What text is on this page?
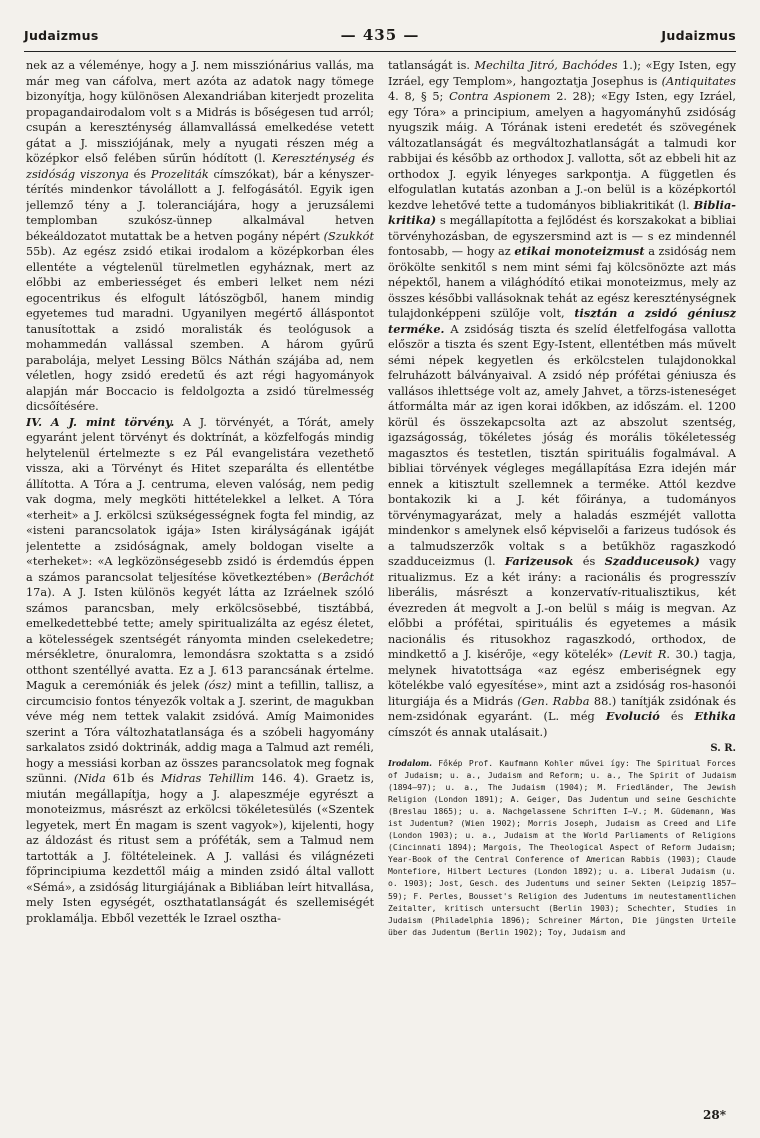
Judaizmus	— 435 —	Judaizmus

nek az a véleménye, hogy a J. nem missziónárius vallás, ma már meg van cáfolva, mert azóta az adatok nagy tömege bizonyítja, hogy különösen Alexandriában kiterjedt prozelita propagandairodalom volt s a Midrás is bőségesen tud arról; csupán a kereszténység államvallássá emelkedése vetett gátat a J. missziójának, mely a nyugati részen még a középkor első felében sűrűn hódított (l. Kereszténység és zsidóság viszonya és Prozeliták címszókat), bár a kényszer-térítés mindenkor távolállott a J. felfogásától. Egyik igen jellemző tény a J. toleranciájára, hogy a jeruzsálemi templomban szukósz-ünnep alkalmával hetven békeáldozatot mutattak be a hetven pogány népért (Szukkót 55b). Az egész zsidó etikai irodalom a középkorban éles ellentéte a végtelenül türelmetlen egyháznak, mert az előbbi az emberiességet és emberi lelket nem nézi egocentrikus és elfogult látószögből, hanem mindig egyetemes tud maradni. Ugyanilyen megértő álláspontot tanusítottak a zsidó moralisták és teológusok a mohammedán vallással szemben. A három gyűrű parabolája, melyet Lessing Bölcs Náthán szájába ad, nem véletlen, hogy zsidó eredetű és azt régi hagyományok alapján már Boccacio is feldolgozta a zsidó türelmesség dicsőítésére.

IV. A J. mint törvény. A J. törvényét, a Tórát, amely egyaránt jelent törvényt és doktrínát, a közfelfogás mindig helytelenül értelmezte s ez Pál evangelistára vezethető vissza, aki a Törvényt és Hitet szeparálta és ellentétbe állította. A Tóra a J. centruma, eleven valóság, nem pedig vak dogma, mely megköti hittételekkel a lelket. A Tóra «terheit» a J. erkölcsi szükségességnek fogta fel mindig, az «isteni parancsolatok igája» Isten királyságának igáját jelentette a zsidóságnak, amely boldogan viselte a «terheket»: «A legközönségesebb zsidó is érdemdús éppen a számos parancsolat teljesítése következtében» (Berâchót 17a). A J. Isten különös kegyét látta az Izráelnek szóló számos parancsban, mely erkölcsösebbé, tisztábbá, emelkedettebbé tette; amely spiritualizálta az egész életet, a kötelességek szentségét rányomta minden cselekedetre; mérsékletre, önuralomra, lemondásra szoktatta s a zsidó otthont szentéllyé avatta. Ez a J. 613 parancsának értelme. Maguk a ceremóniák és jelek (ósz) mint a tefillin, tallisz, a circumcisio fontos tényezők voltak a J. szerint, de magukban véve még nem tettek valakit zsidóvá. Amíg Maimonides szerint a Tóra változhatatlansága és a szóbeli hagyomány sarkalatos zsidó doktrinák, addig maga a Talmud azt reméli, hogy a messiási korban az összes parancsolatok meg fognak szünni. (Nida 61b és Midras Tehillim 146. 4). Graetz is, miután megállapítja, hogy a J. alapeszméje egyrészt a monoteizmus, másrészt az erkölcsi tökéletesülés («Szentek legyetek, mert Én magam is szent vagyok»), kijelenti, hogy az áldozást és ritust sem a próféták, sem a Talmud nem tartották a J. föltételeinek. A J. vallási és világnézeti főprincipiuma kezdettől máig a minden zsidó által vallott «Sémá», a zsidóság liturgiájának a Bibliában leírt hitvallása, mely Isten egységét, oszthatatlanságát és szellemiségét proklamálja. Ebből vezették le Izrael osztha-

tatlanságát is. Mechilta Jitró, Bachódes 1.); «Egy Isten, egy Izráel, egy Templom», hangoztatja Josephus is (Antiquitates 4. 8, § 5; Contra Aspionem 2. 28); «Egy Isten, egy Izráel, egy Tóra» a principium, amelyen a hagyományhű zsidóság nyugszik máig. A Tórának isteni eredetét és szövegének változatlanságát és megváltozhatlanságát a talmudi kor rabbijai és később az orthodox J. vallotta, sőt az ebbeli hit az orthodox J. egyik lényeges sarkpontja. A független és elfogulatlan kutatás azonban a J.-on belül is a középkortól kezdve lehetővé tette a tudományos bibliakritikát (l. Biblia-kritika) s megállapította a fejlődést és korszakokat a bibliai törvényhozásban, de egyszersmind azt is — s ez mindennél fontosabb, — hogy az etikai monoteizmust a zsidóság nem örökölte senkitől s nem mint sémi faj kölcsönözte azt más népektől, hanem a világhódító etikai monoteizmus, mely az összes későbbi vallásoknak tehát az egész kereszténységnek tulajdonképpeni szülője volt, tisztán a zsidó géniusz terméke. A zsidóság tiszta és szelíd életfelfogása vallotta először a tiszta és szent Egy-Istent, ellentétben más művelt sémi népek kegyetlen és erkölcstelen tulajdonokkal felruházott bálványaival. A zsidó nép prófétai géniusza és vallásos ihlettsége volt az, amely Jahvet, a törzs-isteneséget átformálta már az igen korai időkben, az időszám. el. 1200 körül és összekapcsolta azt az abszolut szentség, igazságosság, tökéletes jóság és morális tökéletesség magasztos és testetlen, tisztán spirituális fogalmával. A bibliai törvények végleges megállapítása Ezra idején már ennek a kitisztult szellemnek a terméke. Attól kezdve bontakozik ki a J. két főiránya, a tudományos törvénymagyarázat, mely a haladás eszméjét vallotta mindenkor s amelynek első képviselői a farizeus tudósok és a talmudszerzők voltak s a betűkhöz ragaszkodó szadduceizmus (l. Farizeusok és Szadduceusok) vagy ritualizmus. Ez a két irány: a racionális és progresszív liberális, másrészt a konzervatív-ritualisztikus, két évezreden át megvolt a J.-on belül s máig is megvan. Az előbbi a prófétai, spirituális és egyetemes a másik nacionális és ritusokhoz ragaszkodó, orthodox, de mindkettő a J. kisérője, «egy kötelék» (Levit R. 30.) tagja, melynek hivatottsága «az egész emberiségnek egy kötelékbe való egyesítése», mint azt a zsidóság ros-hasonói liturgiája és a Midrás (Gen. Rabba 88.) tanítják zsidónak és nem-zsidónak egyaránt. (L. még Evolució és Ethika címszót és annak utalásait.)

S. R.

Irodalom. Főkép Prof. Kaufmann Kohler művei így: The Spiritual Forces of Judaism; u. a., Judaism and Reform; u. a., The Spirit of Judaism (1894—97); u. a., The Judaism (1904); M. Friedländer, The Jewish Religion (London 1891); A. Geiger, Das Judentum und seine Geschichte (Breslau 1865); u. a. Nachgelassene Schriften I—V.; M. Güdemann, Was ist Judentum? (Wien 1902); Morris Joseph, Judaism as Creed and Life (London 1903); u. a., Judaism at the World Parliaments of Religions (Cincinnati 1894); Margois, The Theological Aspect of Reform Judaism; Year-Book of the Central Conference of American Rabbis (1903); Claude Montefiore, Hilbert Lectures (London 1892); u. a. Liberal Judaism (u. o. 1903); Jost, Gesch. des Judentums und seiner Sekten (Leipzig 1857—59); F. Perles, Bousset's Religion des Judentums im neutestamentlichen Zeitalter, kritisch untersucht (Berlin 1903); Schechter, Studies in Judaism (Philadelphia 1896); Schreiner Márton, Die jüngsten Urteile über das Judentum (Berlin 1902); Toy, Judaism and

28*
